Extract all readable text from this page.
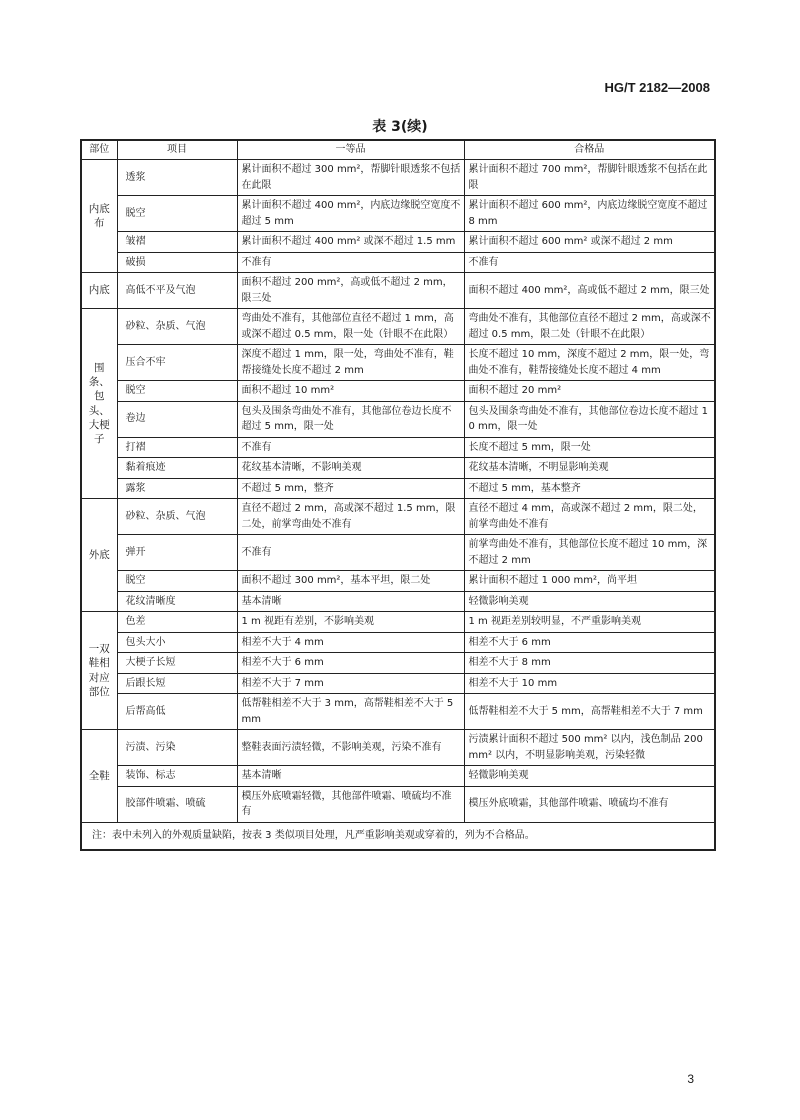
HG/T 2182—2008
表 3(续)
部位	项目	一等品	合格品
内底布	透浆	累计面积不超过 300 mm²，帮脚针眼透浆不包括在此限	累计面积不超过 700 mm²，帮脚针眼透浆不包括在此限
	脱空	累计面积不超过 400 mm²，内底边缘脱空宽度不超过 5 mm	累计面积不超过 600 mm²，内底边缘脱空宽度不超过 8 mm
	皱褶	累计面积不超过 400 mm² 或深不超过 1.5 mm	累计面积不超过 600 mm² 或深不超过 2 mm
	破损	不准有	不准有
内底	高低不平及气泡	面积不超过 200 mm²，高或低不超过 2 mm，限三处	面积不超过 400 mm²，高或低不超过 2 mm，限三处
围条、包头、大梗子	砂粒、杂质、气泡	弯曲处不准有，其他部位直径不超过 1 mm，高或深不超过 0.5 mm，限一处（针眼不在此限）	弯曲处不准有，其他部位直径不超过 2 mm，高或深不超过 0.5 mm，限二处（针眼不在此限）
	压合不牢	深度不超过 1 mm，限一处，弯曲处不准有，鞋帮接缝处长度不超过 2 mm	长度不超过 10 mm，深度不超过 2 mm，限一处，弯曲处不准有，鞋帮接缝处长度不超过 4 mm
	脱空	面积不超过 10 mm²	面积不超过 20 mm²
	卷边	包头及围条弯曲处不准有，其他部位卷边长度不超过 5 mm，限一处	包头及围条弯曲处不准有，其他部位卷边长度不超过 10 mm，限一处
	打褶	不准有	长度不超过 5 mm，限一处
	黏着痕迹	花纹基本清晰，不影响美观	花纹基本清晰，不明显影响美观
	露浆	不超过 5 mm，整齐	不超过 5 mm，基本整齐
外底	砂粒、杂质、气泡	直径不超过 2 mm，高或深不超过 1.5 mm，限二处，前掌弯曲处不准有	直径不超过 4 mm，高或深不超过 2 mm，限二处，前掌弯曲处不准有
	弹开	不准有	前掌弯曲处不准有，其他部位长度不超过 10 mm，深不超过 2 mm
	脱空	面积不超过 300 mm²，基本平坦，限二处	累计面积不超过 1 000 mm²，尚平坦
	花纹清晰度	基本清晰	轻微影响美观
一双鞋相对应部位	色差	1 m 视距有差别，不影响美观	1 m 视距差别较明显，不严重影响美观
	包头大小	相差不大于 4 mm	相差不大于 6 mm
	大梗子长短	相差不大于 6 mm	相差不大于 8 mm
	后跟长短	相差不大于 7 mm	相差不大于 10 mm
	后帮高低	低帮鞋相差不大于 3 mm，高帮鞋相差不大于 5 mm	低帮鞋相差不大于 5 mm，高帮鞋相差不大于 7 mm
全鞋	污渍、污染	整鞋表面污渍轻微，不影响美观，污染不准有	污渍累计面积不超过 500 mm² 以内，浅色制品 200 mm² 以内，不明显影响美观，污染轻微
	装饰、标志	基本清晰	轻微影响美观
	胶部件喷霜、喷硫	模压外底喷霜轻微，其他部件喷霜、喷硫均不准有	模压外底喷霜，其他部件喷霜、喷硫均不准有
注：表中未列入的外观质量缺陷，按表 3 类似项目处理，凡严重影响美观或穿着的，列为不合格品。			
3
